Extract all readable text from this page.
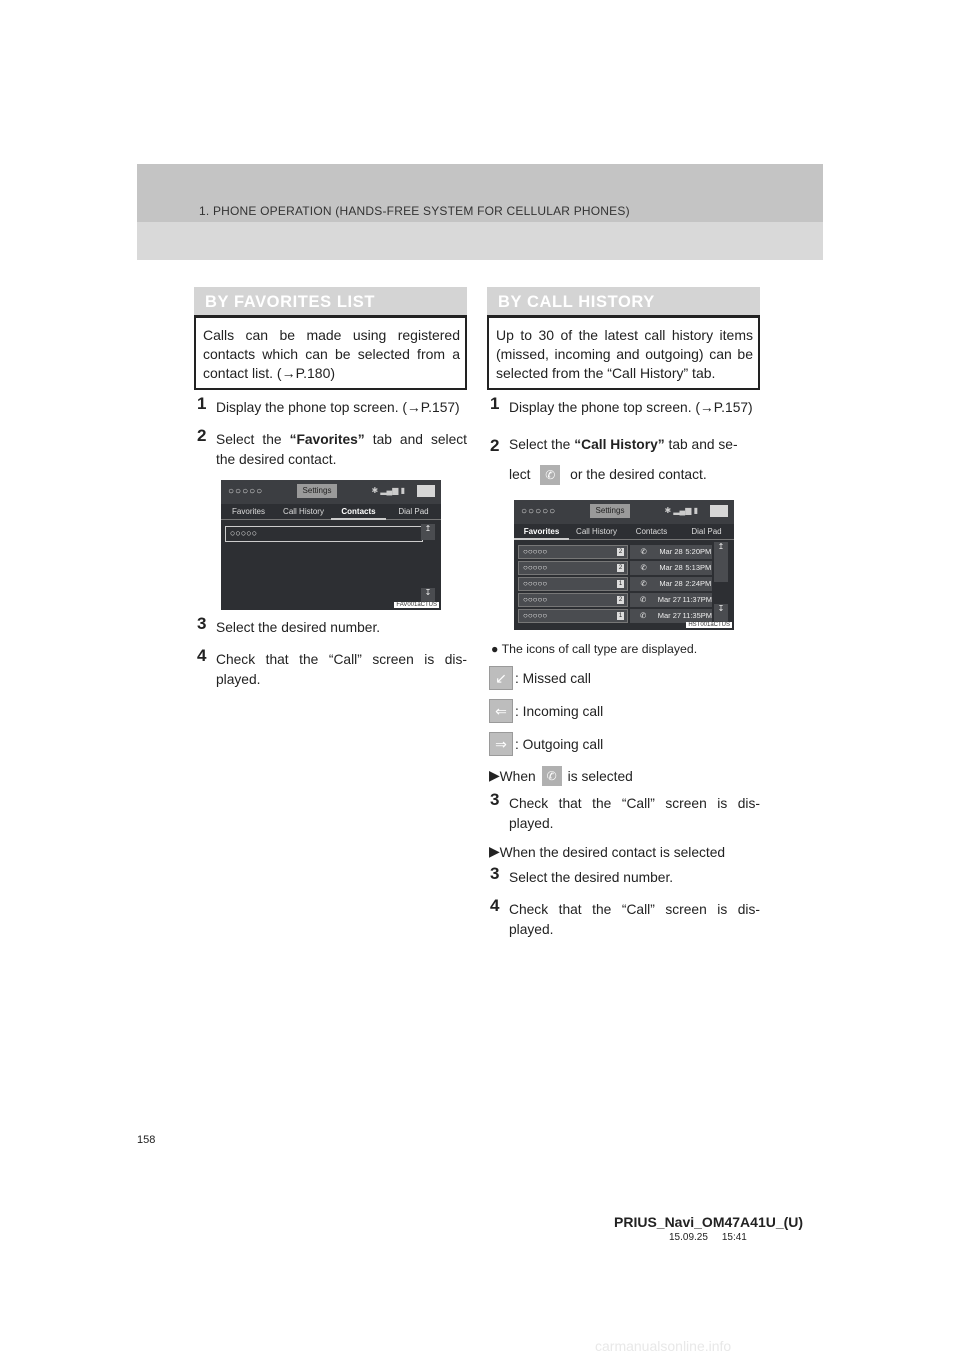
1. PHONE OPERATION (HANDS-FREE SYSTEM FOR CELLULAR PHONES)
BY FAVORITES LIST
Calls can be made using registered contacts which can be selected from a contact list. (→P.180)
1 Display the phone top screen. (→P.157)
2 Select the “Favorites” tab and select the desired contact.
○○○○○	Settings	✱ ▂▄▆ ▮
Favorites	Call History	Contacts	Dial Pad
○○○○○	↥
↧
FAV001aCTUS
3 Select the desired number.
4 Check that the “Call” screen is dis-played.
BY CALL HISTORY
Up to 30 of the latest call history items (missed, incoming and outgoing) can be selected from the “Call History” tab.
1 Display the phone top screen. (→P.157)
2 Select the “Call History” tab and se-
lect ✆ or the desired contact.
○○○○○	Settings	✱ ▂▄▆ ▮
Favorites	Call History	Contacts	Dial Pad
○○○○○	2	✆	Mar 28 5:20PM
○○○○○	2	✆	Mar 28 5:13PM
○○○○○	1	✆	Mar 28 2:24PM
○○○○○	2	✆	Mar 27 11:37PM
○○○○○	1	✆	Mar 27 11:35PM
↥
↧
HST001aCTUS
● The icons of call type are displayed.
↙ : Missed call
⇐ : Incoming call
⇒ : Outgoing call
▶ When ✆ is selected
3 Check that the “Call” screen is dis-played.
▶ When the desired contact is selected
3 Select the desired number.
4 Check that the “Call” screen is dis-played.
158
PRIUS_Navi_OM47A41U_(U)
15.09.25     15:41
carmanualsonline.info
